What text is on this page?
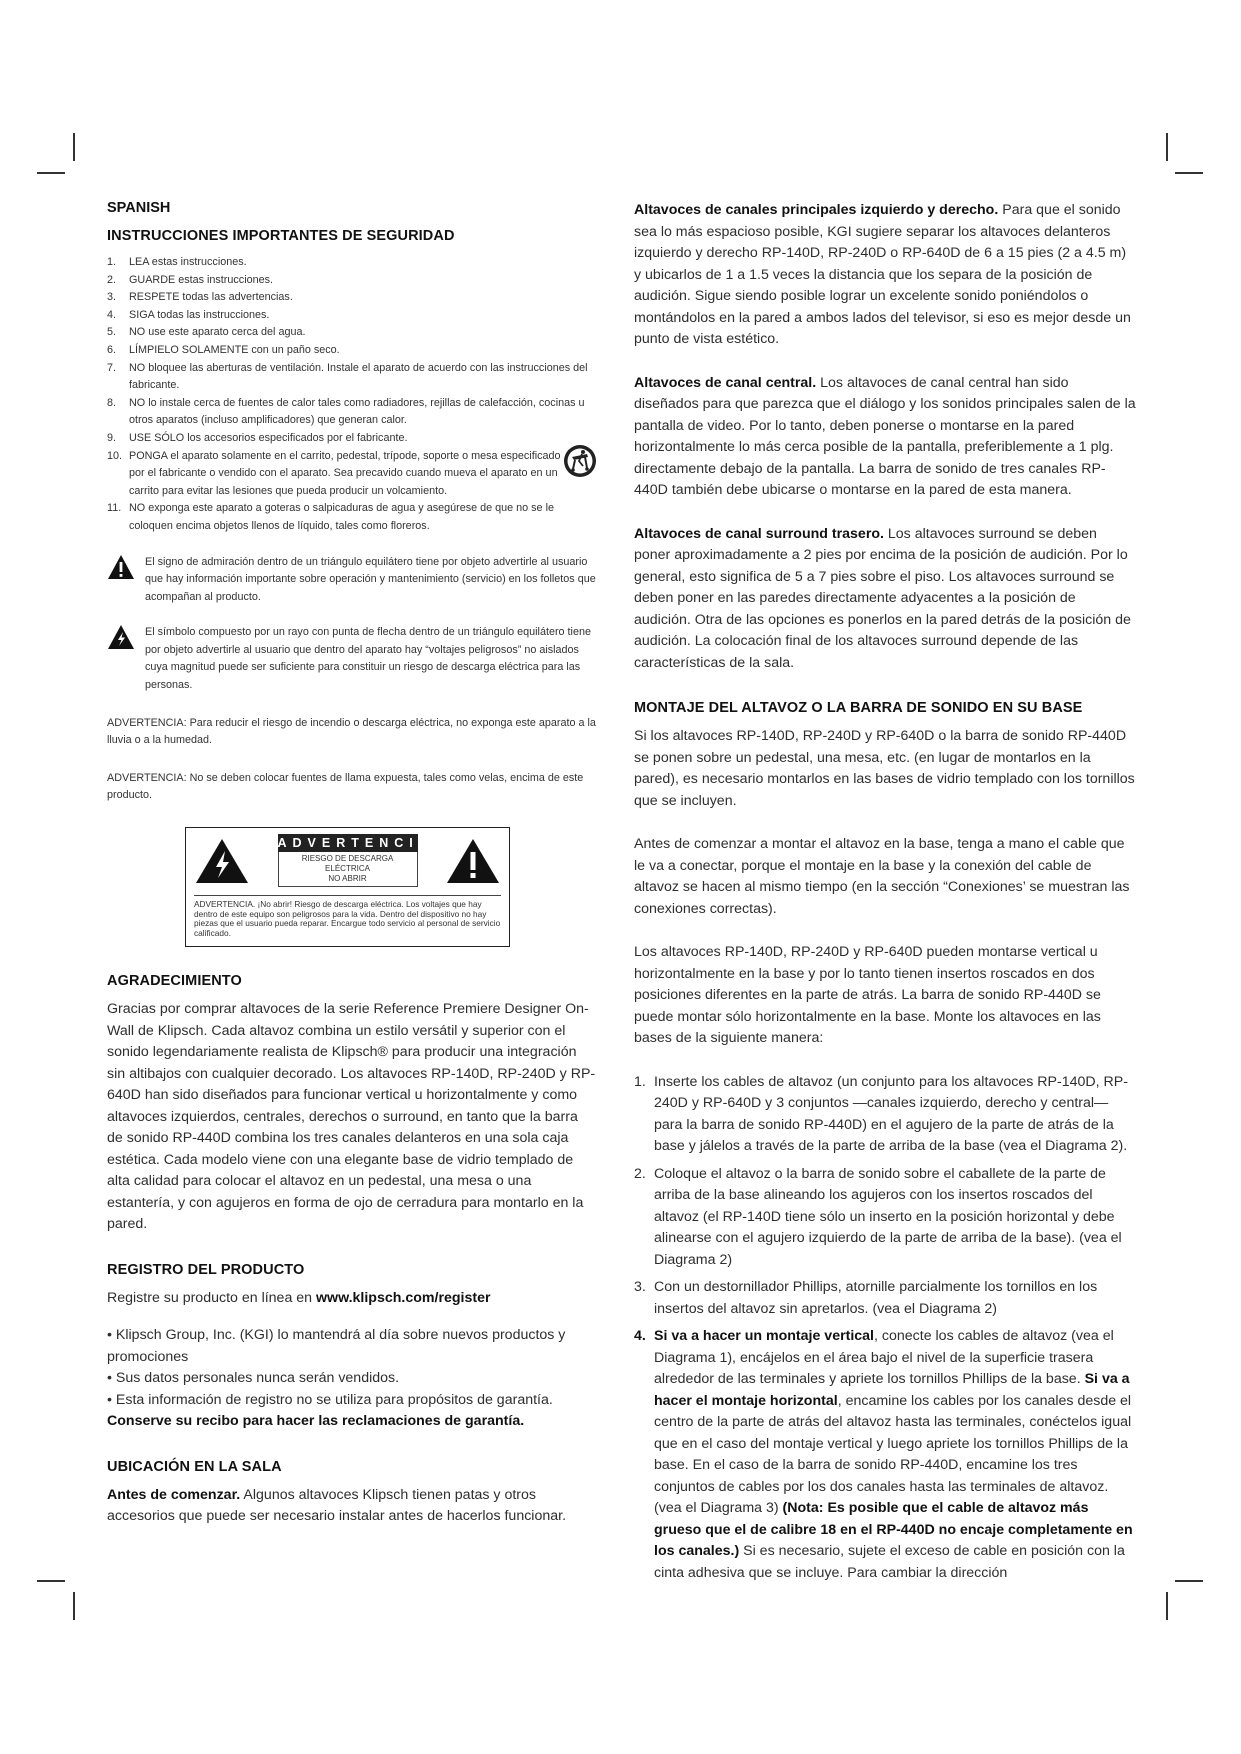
SPANISH
INSTRUCCIONES IMPORTANTES DE SEGURIDAD
1.	LEA estas instrucciones.
2.	GUARDE estas instrucciones.
3.	RESPETE todas las advertencias.
4.	SIGA todas las instrucciones.
5.	NO use este aparato cerca del agua.
6.	LÍMPIELO SOLAMENTE con un paño seco.
7.	NO bloquee las aberturas de ventilación. Instale el aparato de acuerdo con las instrucciones del fabricante.
8.	NO lo instale cerca de fuentes de calor tales como radiadores, rejillas de calefacción, cocinas u otros aparatos (incluso amplificadores) que generan calor.
9.	USE SÓLO los accesorios especificados por el fabricante.
10. PONGA el aparato solamente en el carrito, pedestal, trípode, soporte o mesa especificado por el fabricante o vendido con el aparato. Sea precavido cuando mueva el aparato en un carrito para evitar las lesiones que pueda producir un volcamiento.
11. NO exponga este aparato a goteras o salpicaduras de agua y asegúrese de que no se le coloquen encima objetos llenos de líquido, tales como floreros.
El signo de admiración dentro de un triángulo equilátero tiene por objeto advertirle al usuario que hay información importante sobre operación y mantenimiento (servicio) en los folletos que acompañan al producto.
El símbolo compuesto por un rayo con punta de flecha dentro de un triángulo equilátero tiene por objeto advertirle al usuario que dentro del aparato hay “voltajes peligrosos” no aislados cuya magnitud puede ser suficiente para constituir un riesgo de descarga eléctrica para las personas.
ADVERTENCIA: Para reducir el riesgo de incendio o descarga eléctrica, no exponga este aparato a la lluvia o a la humedad.
ADVERTENCIA: No se deben colocar fuentes de llama expuesta, tales como velas, encima de este producto.
ADVERTENCIA
RIESGO DE DESCARGA ELÉCTRICA
NO ABRIR
ADVERTENCIA. ¡No abrir! Riesgo de descarga eléctrica. Los voltajes que hay dentro de este equipo son peligrosos para la vida. Dentro del dispositivo no hay piezas que el usuario pueda reparar. Encargue todo servicio al personal de servicio calificado.
AGRADECIMIENTO
Gracias por comprar altavoces de la serie Reference Premiere Designer On-Wall de Klipsch. Cada altavoz combina un estilo versátil y superior con el sonido legendariamente realista de Klipsch® para producir una integración sin altibajos con cualquier decorado. Los altavoces RP-140D, RP-240D y RP-640D han sido diseñados para funcionar vertical u horizontalmente y como altavoces izquierdos, centrales, derechos o surround, en tanto que la barra de sonido RP-440D combina los tres canales delanteros en una sola caja estética. Cada modelo viene con una elegante base de vidrio templado de alta calidad para colocar el altavoz en un pedestal, una mesa o una estantería, y con agujeros en forma de ojo de cerradura para montarlo en la pared.
REGISTRO DEL PRODUCTO
Registre su producto en línea en www.klipsch.com/register
• Klipsch Group, Inc. (KGI) lo mantendrá al día sobre nuevos productos y promociones
• Sus datos personales nunca serán vendidos.
• Esta información de registro no se utiliza para propósitos de garantía.
Conserve su recibo para hacer las reclamaciones de garantía.
UBICACIÓN EN LA SALA
Antes de comenzar. Algunos altavoces Klipsch tienen patas y otros accesorios que puede ser necesario instalar antes de hacerlos funcionar.
Altavoces de canales principales izquierdo y derecho. Para que el sonido sea lo más espacioso posible, KGI sugiere separar los altavoces delanteros izquierdo y derecho RP-140D, RP-240D o RP-640D de 6 a 15 pies (2 a 4.5 m) y ubicarlos de 1 a 1.5 veces la distancia que los separa de la posición de audición. Sigue siendo posible lograr un excelente sonido poniéndolos o montándolos en la pared a ambos lados del televisor, si eso es mejor desde un punto de vista estético.
Altavoces de canal central. Los altavoces de canal central han sido diseñados para que parezca que el diálogo y los sonidos principales salen de la pantalla de video. Por lo tanto, deben ponerse o montarse en la pared horizontalmente lo más cerca posible de la pantalla, preferiblemente a 1 plg. directamente debajo de la pantalla. La barra de sonido de tres canales RP-440D también debe ubicarse o montarse en la pared de esta manera.
Altavoces de canal surround trasero. Los altavoces surround se deben poner aproximadamente a 2 pies por encima de la posición de audición. Por lo general, esto significa de 5 a 7 pies sobre el piso. Los altavoces surround se deben poner en las paredes directamente adyacentes a la posición de audición. Otra de las opciones es ponerlos en la pared detrás de la posición de audición. La colocación final de los altavoces surround depende de las características de la sala.
MONTAJE DEL ALTAVOZ O LA BARRA DE SONIDO EN SU BASE
Si los altavoces RP-140D, RP-240D y RP-640D o la barra de sonido RP-440D se ponen sobre un pedestal, una mesa, etc. (en lugar de montarlos en la pared), es necesario montarlos en las bases de vidrio templado con los tornillos que se incluyen.
Antes de comenzar a montar el altavoz en la base, tenga a mano el cable que le va a conectar, porque el montaje en la base y la conexión del cable de altavoz se hacen al mismo tiempo (en la sección “Conexiones’ se muestran las conexiones correctas).
Los altavoces RP-140D, RP-240D y RP-640D pueden montarse vertical u horizontalmente en la base y por lo tanto tienen insertos roscados en dos posiciones diferentes en la parte de atrás. La barra de sonido RP-440D se puede montar sólo horizontalmente en la base. Monte los altavoces en las bases de la siguiente manera:
1. Inserte los cables de altavoz (un conjunto para los altavoces RP-140D, RP-240D y RP-640D y 3 conjuntos —canales izquierdo, derecho y central— para la barra de sonido RP-440D) en el agujero de la parte de atrás de la base y jálelos a través de la parte de arriba de la base (vea el Diagrama 2).
2. Coloque el altavoz o la barra de sonido sobre el caballete de la parte de arriba de la base alineando los agujeros con los insertos roscados del altavoz (el RP-140D tiene sólo un inserto en la posición horizontal y debe alinearse con el agujero izquierdo de la parte de arriba de la base). (vea el Diagrama 2)
3. Con un destornillador Phillips, atornille parcialmente los tornillos en los insertos del altavoz sin apretarlos. (vea el Diagrama 2)
4. Si va a hacer un montaje vertical, conecte los cables de altavoz (vea el Diagrama 1), encájelos en el área bajo el nivel de la superficie trasera alrededor de las terminales y apriete los tornillos Phillips de la base. Si va a hacer el montaje horizontal, encamine los cables por los canales desde el centro de la parte de atrás del altavoz hasta las terminales, conéctelos igual que en el caso del montaje vertical y luego apriete los tornillos Phillips de la base. En el caso de la barra de sonido RP-440D, encamine los tres conjuntos de cables por los dos canales hasta las terminales de altavoz. (vea el Diagrama 3) (Nota: Es posible que el cable de altavoz más grueso que el de calibre 18 en el RP-440D no encaje completamente en los canales.) Si es necesario, sujete el exceso de cable en posición con la cinta adhesiva que se incluye. Para cambiar la dirección
